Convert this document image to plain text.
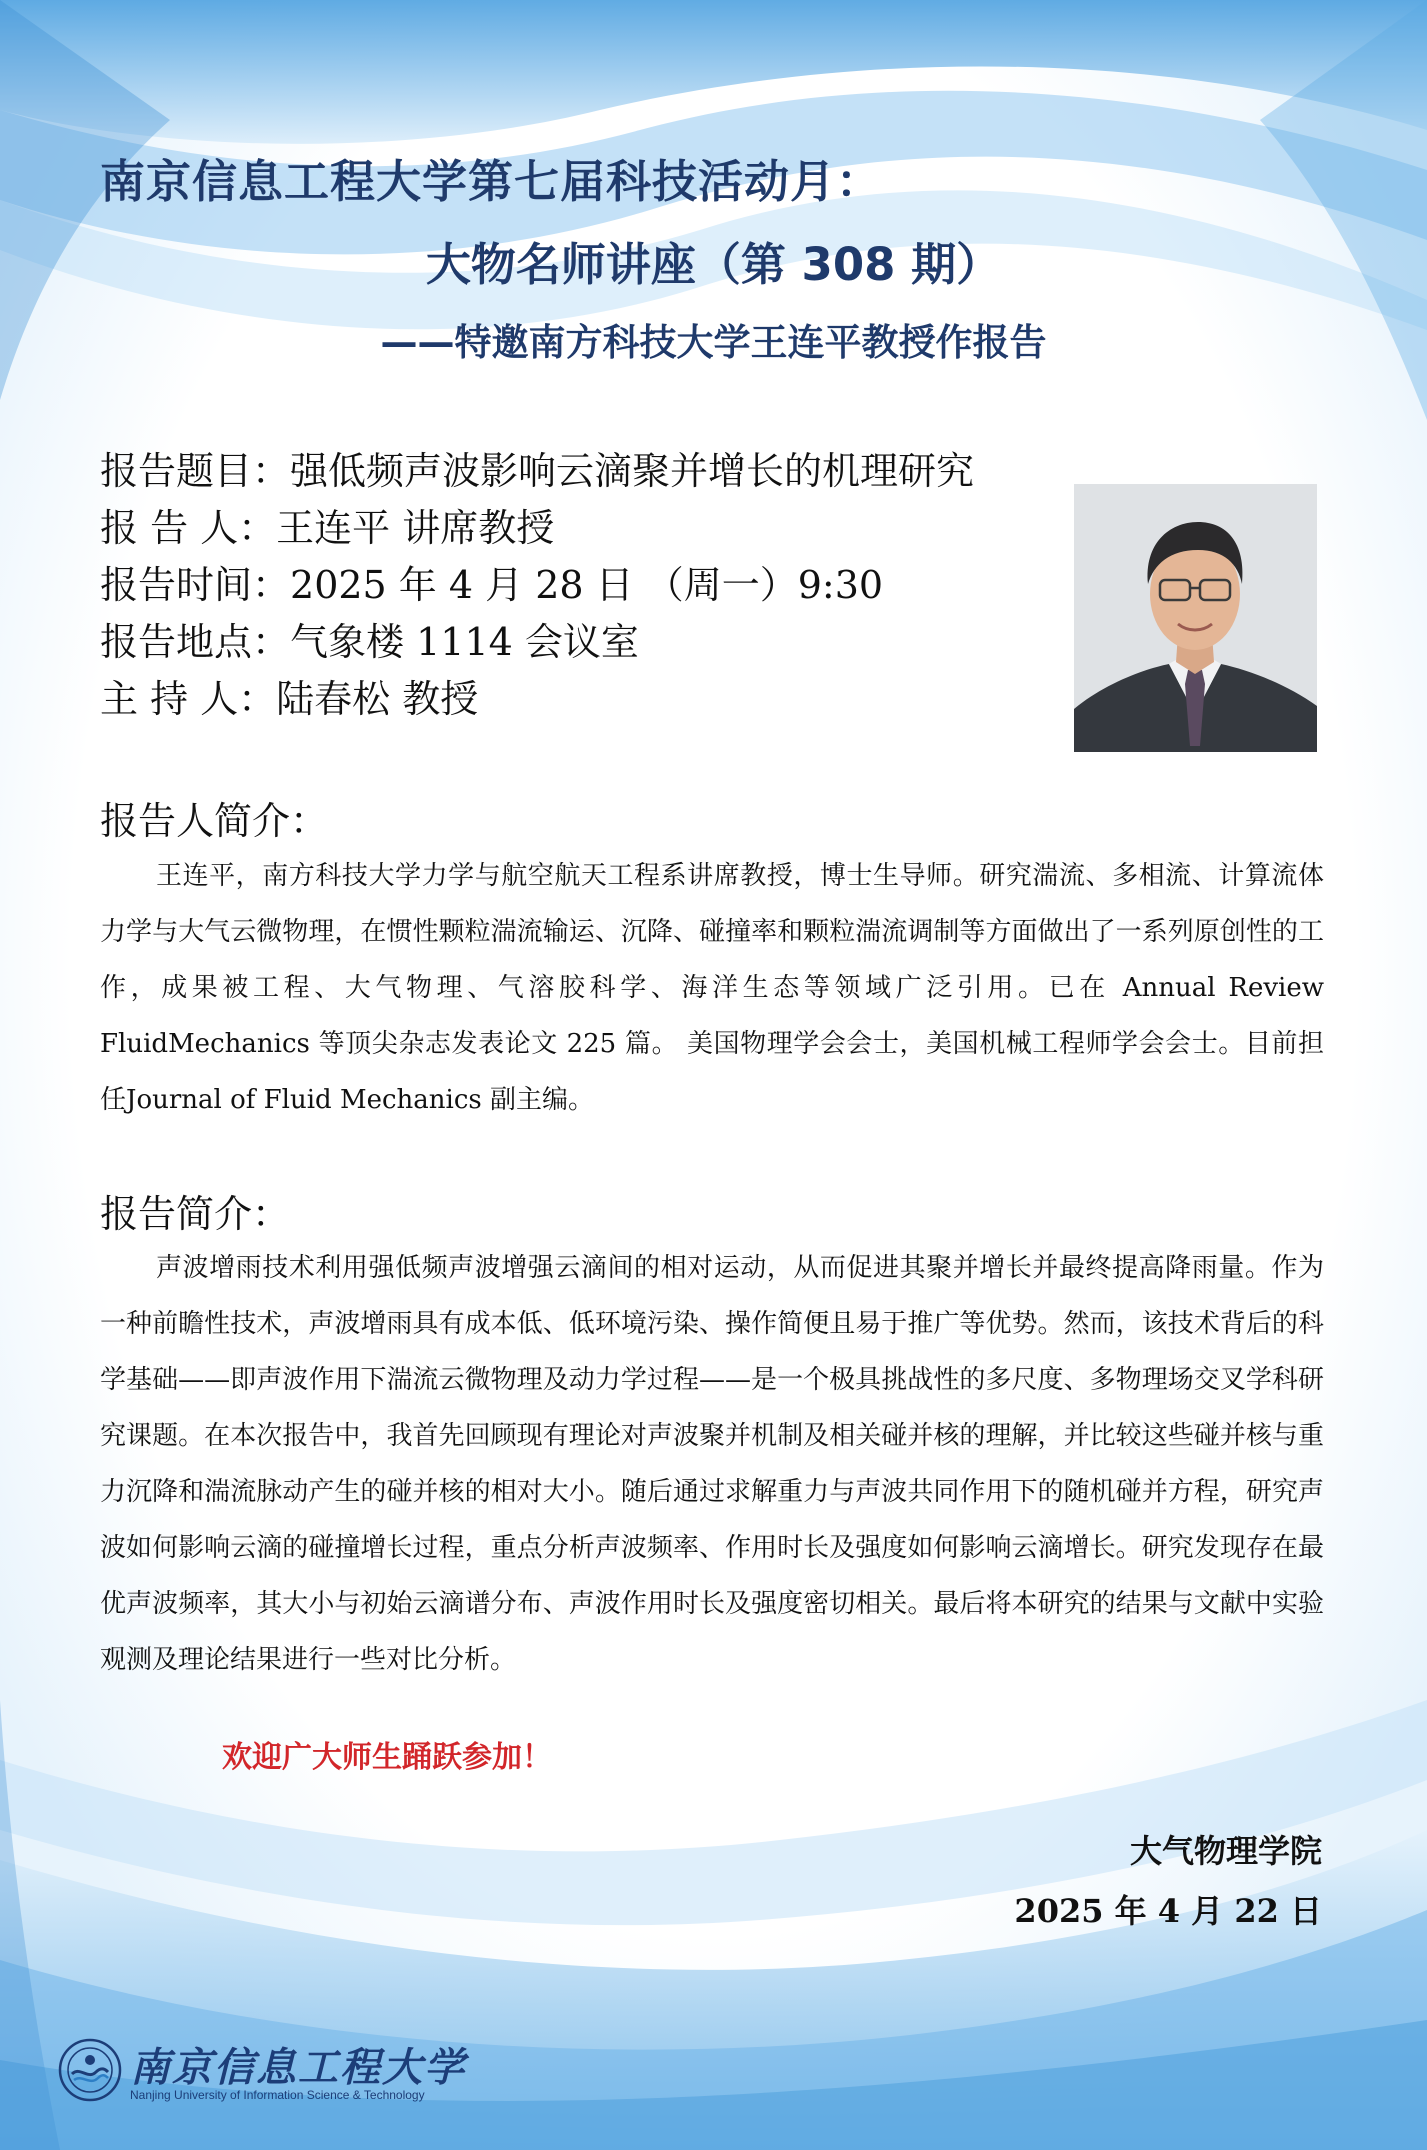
南京信息工程大学第七届科技活动月：
大物名师讲座（第 308 期）
——特邀南方科技大学王连平教授作报告
报告题目：强低频声波影响云滴聚并增长的机理研究
报 告 人：王连平 讲席教授
报告时间：2025 年 4 月 28 日 （周一）9:30
报告地点：气象楼 1114 会议室
主 持 人：陆春松 教授
报告人简介：
王连平，南方科技大学力学与航空航天工程系讲席教授，博士生导师。研究湍流、多相流、计算流体力学与大气云微物理，在惯性颗粒湍流输运、沉降、碰撞率和颗粒湍流调制等方面做出了一系列原创性的工作，成果被工程、大气物理、气溶胶科学、海洋生态等领域广泛引用。已在 Annual Review FluidMechanics 等顶尖杂志发表论文 225 篇。 美国物理学会会士，美国机械工程师学会会士。目前担任Journal of Fluid Mechanics 副主编。
报告简介：
声波增雨技术利用强低频声波增强云滴间的相对运动，从而促进其聚并增长并最终提高降雨量。作为一种前瞻性技术，声波增雨具有成本低、低环境污染、操作简便且易于推广等优势。然而，该技术背后的科学基础——即声波作用下湍流云微物理及动力学过程——是一个极具挑战性的多尺度、多物理场交叉学科研究课题。在本次报告中，我首先回顾现有理论对声波聚并机制及相关碰并核的理解，并比较这些碰并核与重力沉降和湍流脉动产生的碰并核的相对大小。随后通过求解重力与声波共同作用下的随机碰并方程，研究声波如何影响云滴的碰撞增长过程，重点分析声波频率、作用时长及强度如何影响云滴增长。研究发现存在最优声波频率，其大小与初始云滴谱分布、声波作用时长及强度密切相关。最后将本研究的结果与文献中实验观测及理论结果进行一些对比分析。
欢迎广大师生踊跃参加！
大气物理学院
2025 年 4 月 22 日
南京信息工程大学
Nanjing University of Information Science & Technology
